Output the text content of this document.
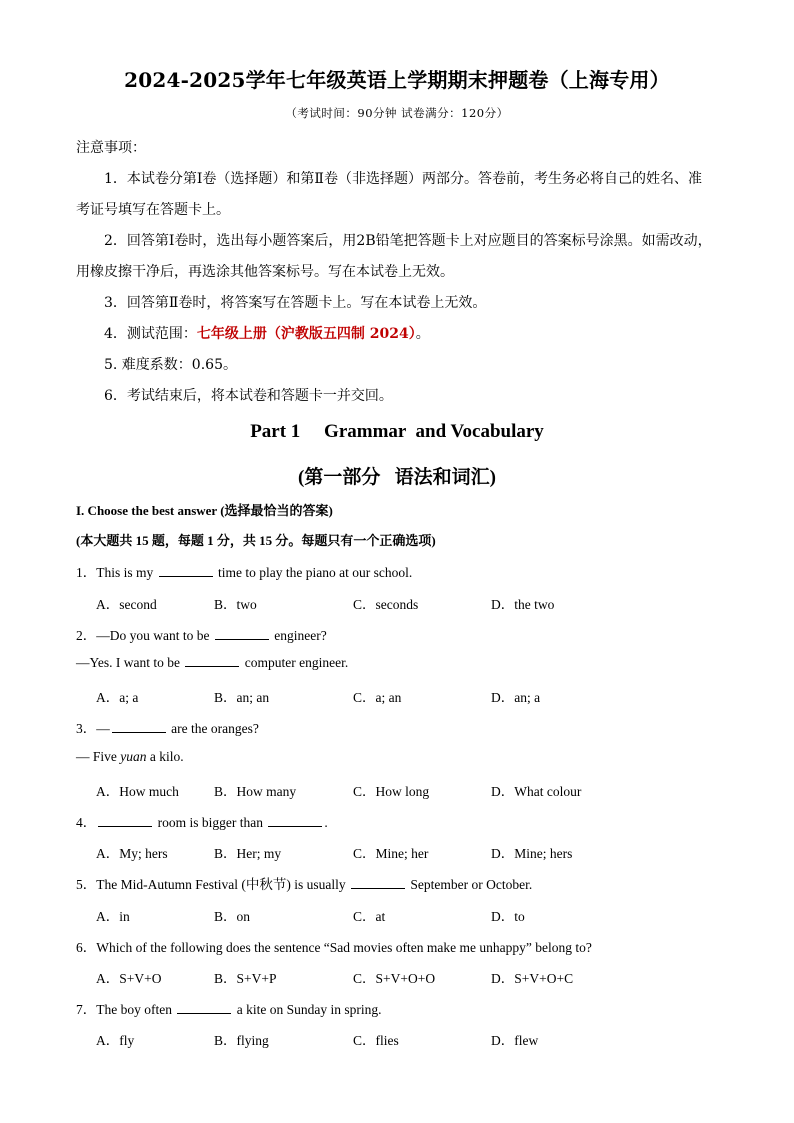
2024-2025学年七年级英语上学期期末押题卷（上海专用）
（考试时间：90分钟 试卷满分：120分）
注意事项：
1．本试卷分第Ⅰ卷（选择题）和第Ⅱ卷（非选择题）两部分。答卷前，考生务必将自己的姓名、准
考证号填写在答题卡上。
2．回答第Ⅰ卷时，选出每小题答案后，用2B铅笔把答题卡上对应题目的答案标号涂黑。如需改动，
用橡皮擦干净后，再选涂其他答案标号。写在本试卷上无效。
3．回答第Ⅱ卷时，将答案写在答题卡上。写在本试卷上无效。
4．测试范围：七年级上册（沪教版五四制 2024）。
5. 难度系数：0.65。
6．考试结束后，将本试卷和答题卡一并交回。
Part 1     Grammar  and Vocabulary
(第一部分   语法和词汇)
I. Choose the best answer (选择最恰当的答案)
(本大题共 15 题，每题 1 分，共 15 分。每题只有一个正确选项)
1．This is my	time to play the piano at our school.
A．second	B．two	C．seconds	D．the two
2．—Do you want to be	engineer?
—Yes. I want to be	computer engineer.
A．a; a	B．an; an	C．a; an	D．an; a
3．—	are the oranges?
— Five yuan a kilo.
A．How much	B．How many	C．How long	D．What colour
4．	room is bigger than	.
A．My; hers	B．Her; my	C．Mine; her	D．Mine; hers
5．The Mid-Autumn Festival (中秋节) is usually	September or October.
A．in	B．on	C．at	D．to
6．Which of the following does the sentence “Sad movies often make me unhappy” belong to?
A．S+V+O	B．S+V+P	C．S+V+O+O	D．S+V+O+C
7．The boy often	a kite on Sunday in spring.
A．fly	B．flying	C．flies	D．flew
